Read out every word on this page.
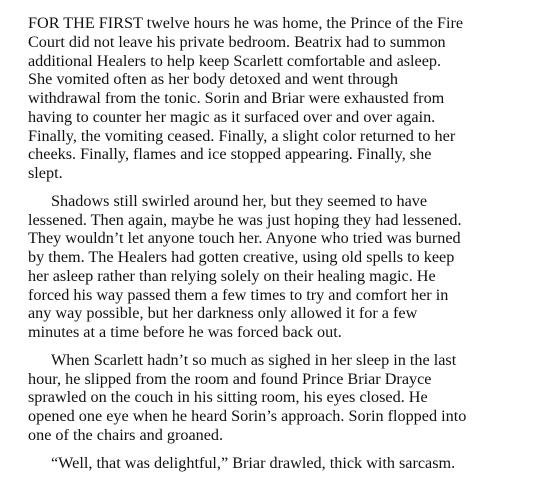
FOR THE FIRST twelve hours he was home, the Prince of the Fire Court did not leave his private bedroom. Beatrix had to summon additional Healers to help keep Scarlett comfortable and asleep. She vomited often as her body detoxed and went through withdrawal from the tonic. Sorin and Briar were exhausted from having to counter her magic as it surfaced over and over again. Finally, the vomiting ceased. Finally, a slight color returned to her cheeks. Finally, flames and ice stopped appearing. Finally, she slept.

Shadows still swirled around her, but they seemed to have lessened. Then again, maybe he was just hoping they had lessened. They wouldn’t let anyone touch her. Anyone who tried was burned by them. The Healers had gotten creative, using old spells to keep her asleep rather than relying solely on their healing magic. He forced his way passed them a few times to try and comfort her in any way possible, but her darkness only allowed it for a few minutes at a time before he was forced back out.

When Scarlett hadn’t so much as sighed in her sleep in the last hour, he slipped from the room and found Prince Briar Drayce sprawled on the couch in his sitting room, his eyes closed. He opened one eye when he heard Sorin’s approach. Sorin flopped into one of the chairs and groaned.

“Well, that was delightful,” Briar drawled, thick with sarcasm.
